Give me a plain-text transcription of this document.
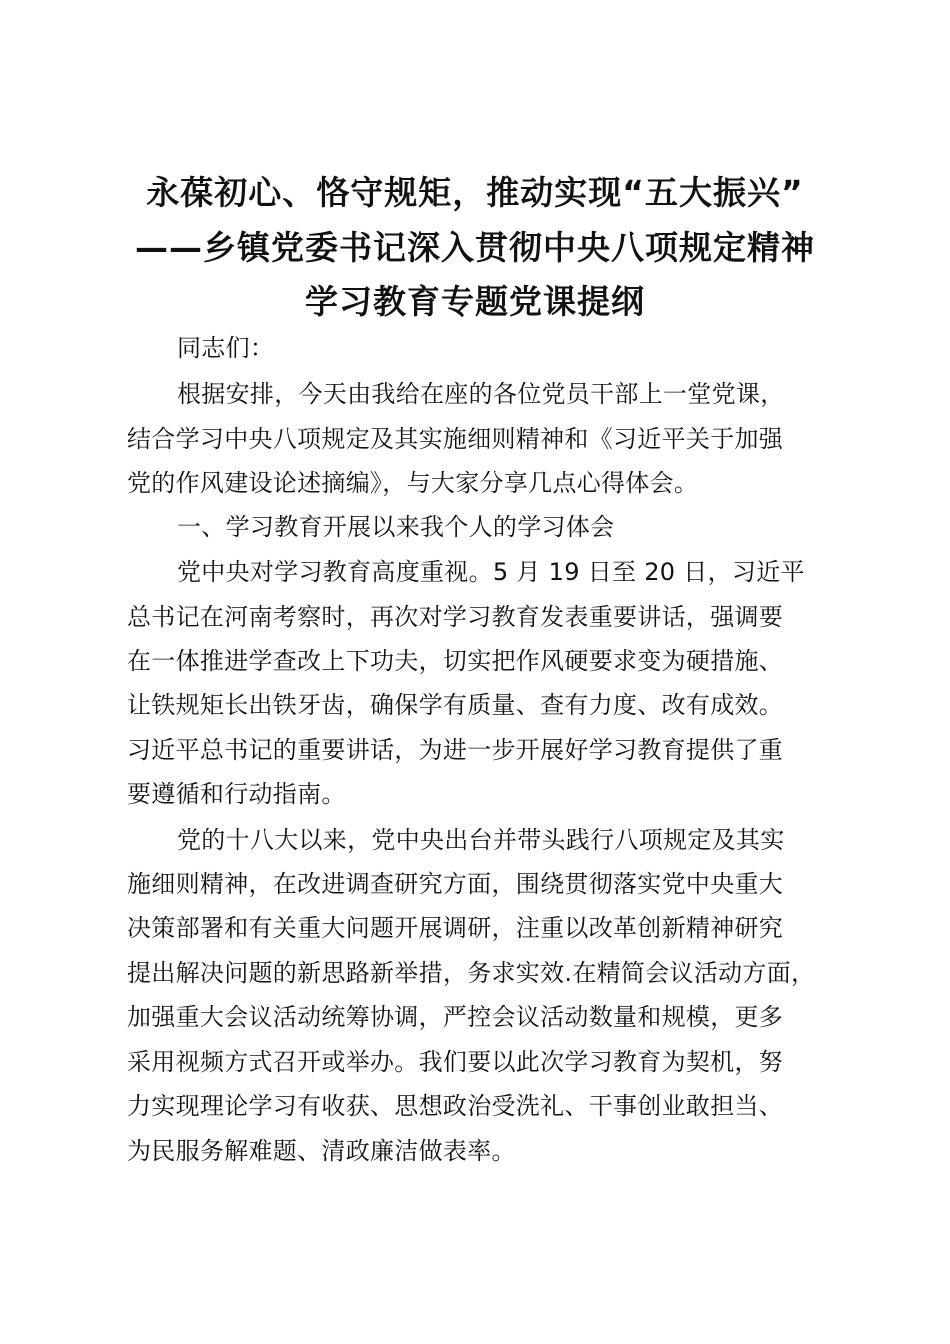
永葆初心、恪守规矩，推动实现“五大振兴”
——乡镇党委书记深入贯彻中央八项规定精神
学习教育专题党课提纲
同志们：
根据安排，今天由我给在座的各位党员干部上一堂党课，
结合学习中央八项规定及其实施细则精神和《习近平关于加强
党的作风建设论述摘编》，与大家分享几点心得体会。
一、学习教育开展以来我个人的学习体会
党中央对学习教育高度重视。5 月 19 日至 20 日，习近平
总书记在河南考察时，再次对学习教育发表重要讲话，强调要
在一体推进学查改上下功夫，切实把作风硬要求变为硬措施、
让铁规矩长出铁牙齿，确保学有质量、查有力度、改有成效。
习近平总书记的重要讲话，为进一步开展好学习教育提供了重
要遵循和行动指南。
党的十八大以来，党中央出台并带头践行八项规定及其实
施细则精神，在改进调查研究方面，围绕贯彻落实党中央重大
决策部署和有关重大问题开展调研，注重以改革创新精神研究
提出解决问题的新思路新举措，务求实效.在精简会议活动方面，
加强重大会议活动统筹协调，严控会议活动数量和规模，更多
采用视频方式召开或举办。我们要以此次学习教育为契机，努
力实现理论学习有收获、思想政治受洗礼、干事创业敢担当、
为民服务解难题、清政廉洁做表率。
